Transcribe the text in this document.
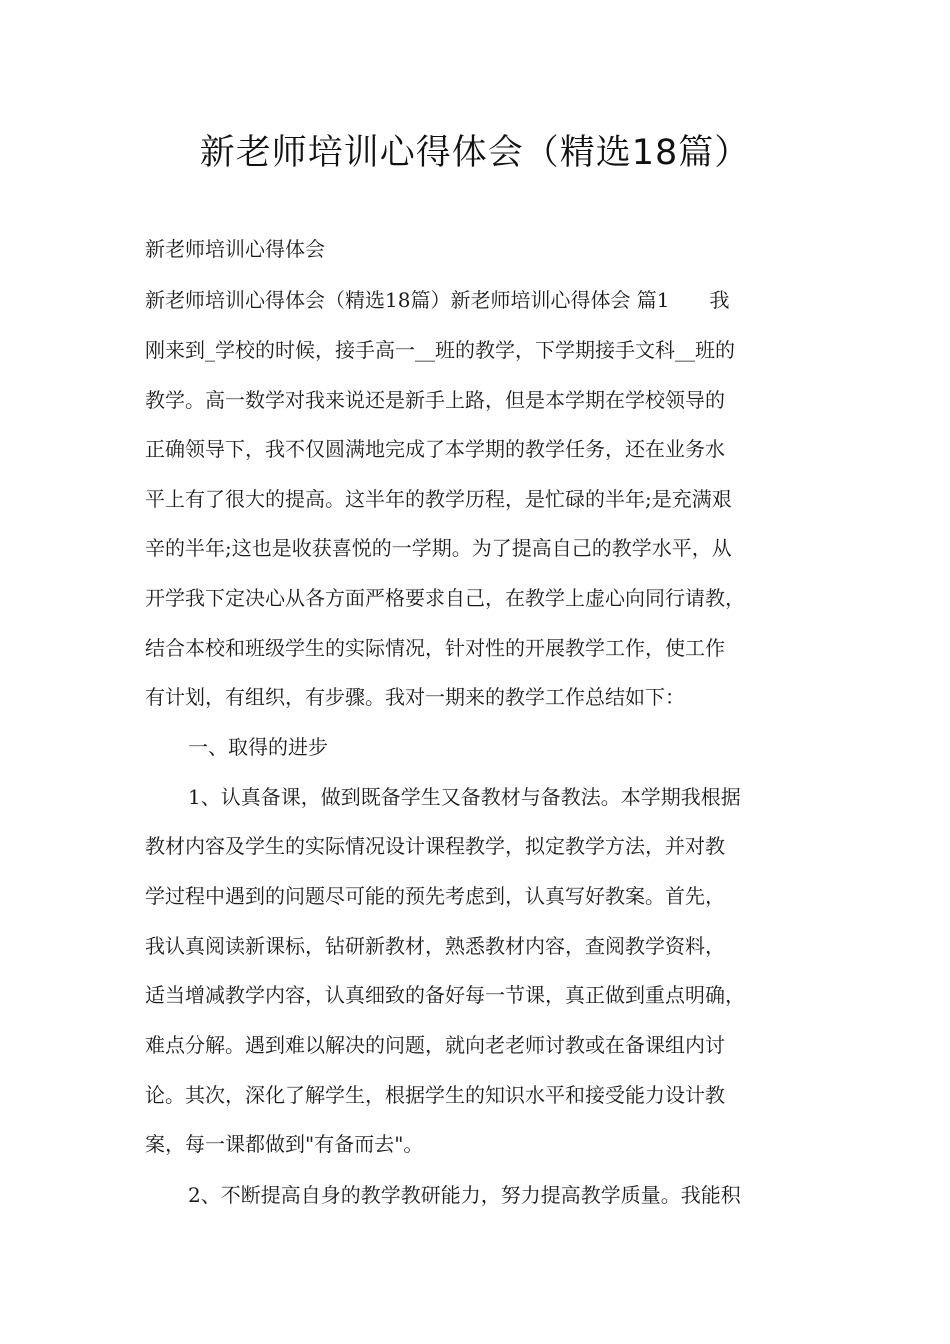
新老师培训心得体会（精选18篇）

新老师培训心得体会

新老师培训心得体会（精选18篇）新老师培训心得体会 篇1　　我

刚来到_学校的时候，接手高一__班的教学，下学期接手文科__班的

教学。高一数学对我来说还是新手上路，但是本学期在学校领导的

正确领导下，我不仅圆满地完成了本学期的教学任务，还在业务水

平上有了很大的提高。这半年的教学历程，是忙碌的半年;是充满艰

辛的半年;这也是收获喜悦的一学期。为了提高自己的教学水平，从

开学我下定决心从各方面严格要求自己，在教学上虚心向同行请教，

结合本校和班级学生的实际情况，针对性的开展教学工作，使工作

有计划，有组织，有步骤。我对一期来的教学工作总结如下：

一、取得的进步

1、认真备课，做到既备学生又备教材与备教法。本学期我根据

教材内容及学生的实际情况设计课程教学，拟定教学方法，并对教

学过程中遇到的问题尽可能的预先考虑到，认真写好教案。首先，

我认真阅读新课标，钻研新教材，熟悉教材内容，查阅教学资料，

适当增减教学内容，认真细致的备好每一节课，真正做到重点明确，

难点分解。遇到难以解决的问题，就向老老师讨教或在备课组内讨

论。其次，深化了解学生，根据学生的知识水平和接受能力设计教

案，每一课都做到"有备而去"。

2、不断提高自身的教学教研能力，努力提高教学质量。我能积
